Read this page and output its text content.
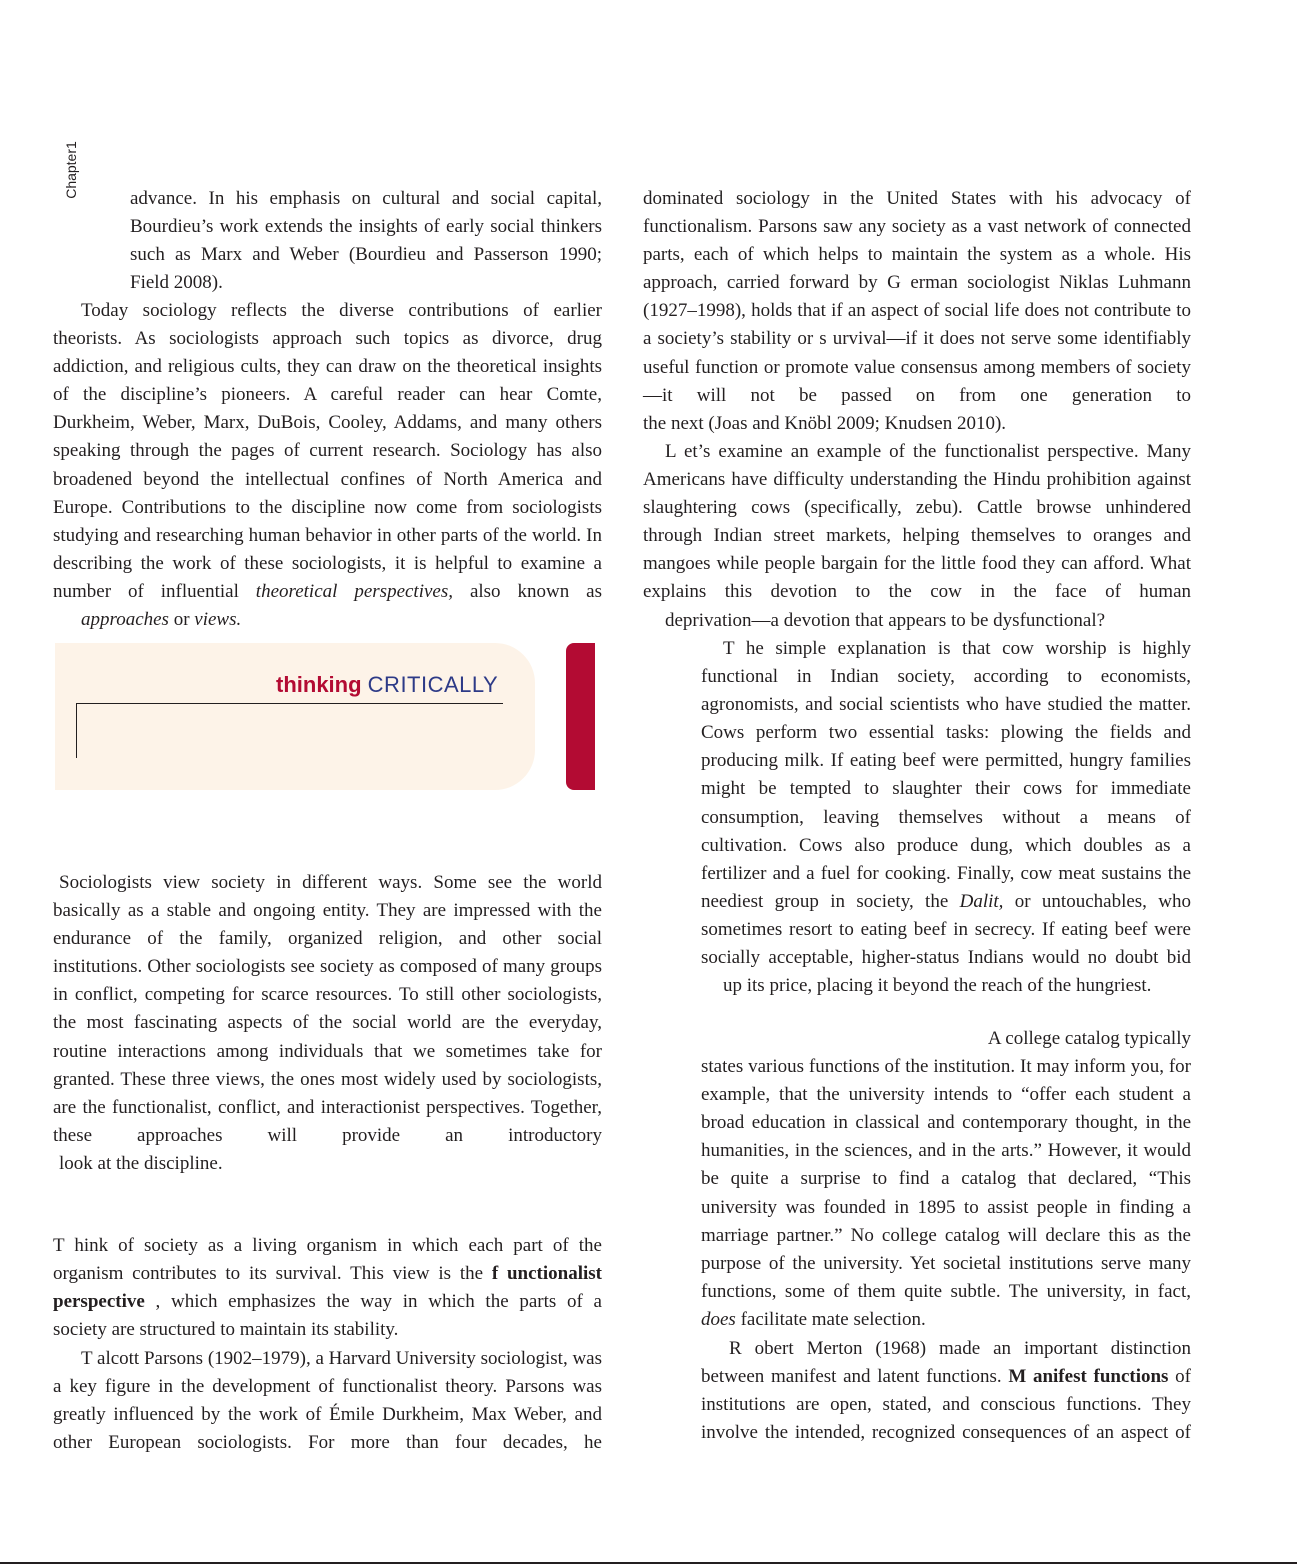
Chapter1	advance. In his emphasis on cultural and social capital, Bourdieu’s work extends the insights of early social thinkers such as Marx and Weber (Bourdieu and Passerson 1990;
Field 2008).
Today sociology reflects the diverse contributions of earlier theorists. As sociologists approach such topics as divorce, drug addiction, and religious cults, they can draw on the theoretical insights of the discipline’s pioneers. A careful reader can hear Comte, Durkheim, Weber, Marx, DuBois, Cooley, Addams, and many others speaking through the pages of current research. Sociology has also broadened beyond the intellectual confines of North America and Europe. Contributions to the discipline now come from sociologists studying and researching human behavior in other parts of the world. In describing the work of these sociologists, it is helpful to examine a number of influential theoretical perspectives, also known as
approaches or views.
thinking CRITICALLY
Sociologists view society in different ways. Some see the world basically as a stable and ongoing entity. They are impressed with the endurance of the family, organized religion, and other social institutions. Other sociologists see society as composed of many groups in conflict, competing for scarce resources. To still other sociologists, the most fascinating aspects of the social world are the everyday, routine interactions among individuals that we sometimes take for granted. These three views, the ones most widely used by sociologists, are the functionalist, conflict, and interactionist perspectives. Together, these approaches will provide an introductory
look at the discipline.
T hink of society as a living organism in which each part of the organism contributes to its survival. This view is the f unctionalist perspective , which emphasizes the way in which the parts of a
society are structured to maintain its stability.
T alcott Parsons (1902–1979), a Harvard University sociologist, was a key figure in the development of functionalist theory. Parsons was greatly influenced by the work of Émile Durkheim, Max Weber, and other European sociologists. For more than four decades, he
dominated sociology in the United States with his advocacy of functionalism. Parsons saw any society as a vast network of connected parts, each of which helps to maintain the system as a whole. His approach, carried forward by G erman sociologist Niklas Luhmann (1927–1998), holds that if an aspect of social life does not contribute to a society’s stability or s urvival—if it does not serve some identifiably useful function or promote value consensus among members of society—it will not be passed on from one generation to
the next (Joas and Knöbl 2009; Knudsen 2010).
L et’s examine an example of the functionalist perspective. Many Americans have difficulty understanding the Hindu prohibition against slaughtering cows (specifically, zebu). Cattle browse unhindered through Indian street markets, helping themselves to oranges and mangoes while people bargain for the little food they can afford. What explains this devotion to the cow in the face of human
deprivation—a devotion that appears to be dysfunctional?
T he simple explanation is that cow worship is highly functional in Indian society, according to economists, agronomists, and social scientists who have studied the matter. Cows perform two essential tasks: plowing the fields and producing milk. If eating beef were permitted, hungry families might be tempted to slaughter their cows for immediate consumption, leaving themselves without a means of cultivation. Cows also produce dung, which doubles as a fertilizer and a fuel for cooking. Finally, cow meat sustains the neediest group in society, the Dalit, or untouchables, who sometimes resort to eating beef in secrecy. If eating beef were socially acceptable, higher-status Indians would no doubt bid
up its price, placing it beyond the reach of the hungriest.
A college catalog typically
states various functions of the institution. It may inform you, for example, that the university intends to “offer each student a broad education in classical and contemporary thought, in the humanities, in the sciences, and in the arts.” However, it would be quite a surprise to find a catalog that declared, “This university was founded in 1895 to assist people in finding a marriage partner.” No college catalog will declare this as the purpose of the university. Yet societal institutions serve many functions, some of them quite subtle. The university, in fact,
does facilitate mate selection.
R obert Merton (1968) made an important distinction between manifest and latent functions. M anifest functions of institutions are open, stated, and conscious functions. They involve the intended, recognized consequences of an aspect of
